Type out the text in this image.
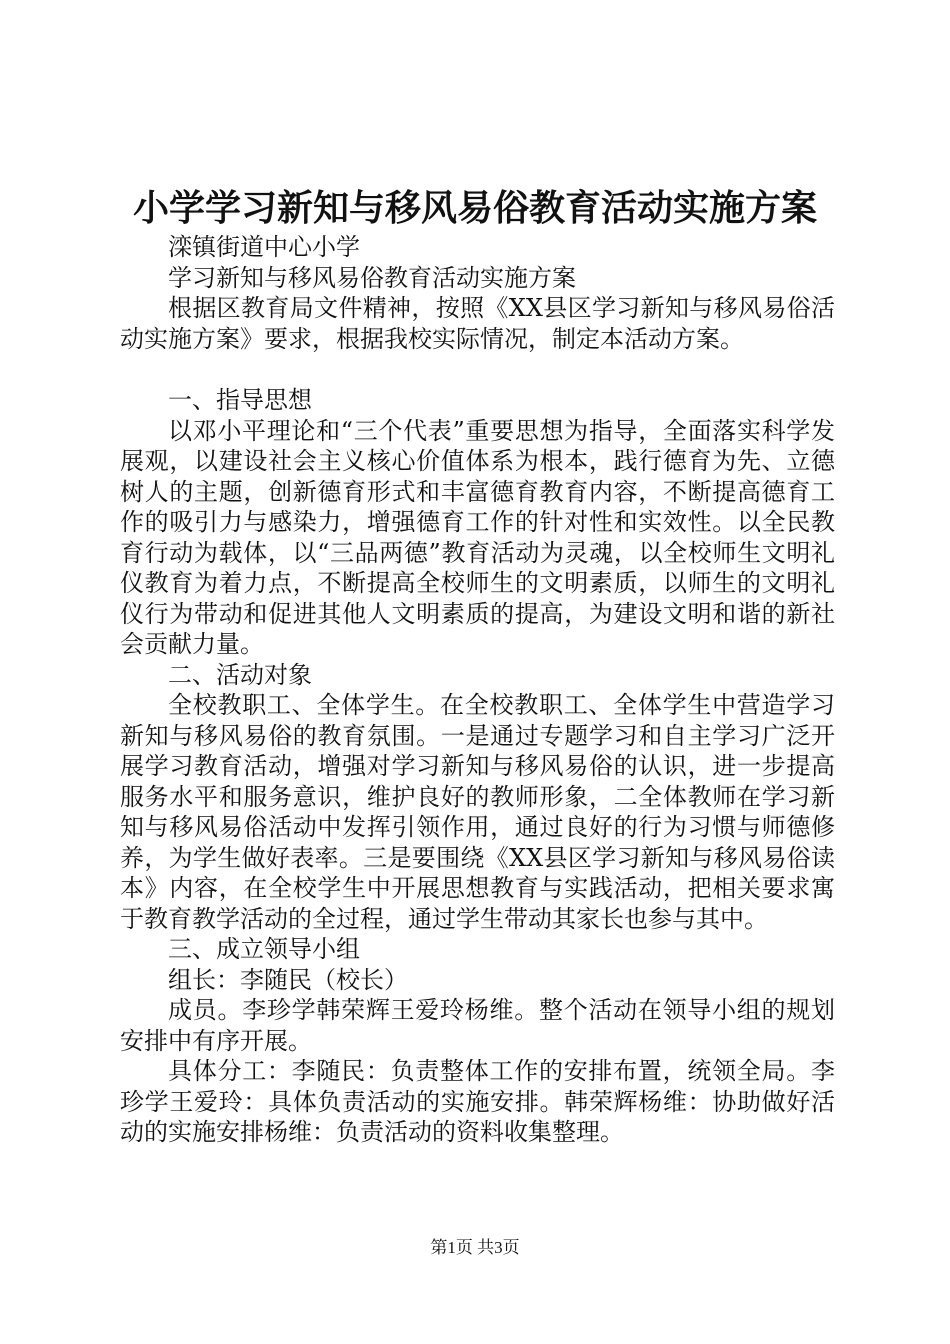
小学学习新知与移风易俗教育活动实施方案

滦镇街道中心小学

学习新知与移风易俗教育活动实施方案

根据区教育局文件精神，按照《XX县区学习新知与移风易俗活动实施方案》要求，根据我校实际情况，制定本活动方案。

一、指导思想

以邓小平理论和“三个代表”重要思想为指导，全面落实科学发展观，以建设社会主义核心价值体系为根本，践行德育为先、立德树人的主题，创新德育形式和丰富德育教育内容，不断提高德育工作的吸引力与感染力，增强德育工作的针对性和实效性。以全民教育行动为载体，以“三品两德”教育活动为灵魂，以全校师生文明礼仪教育为着力点，不断提高全校师生的文明素质，以师生的文明礼仪行为带动和促进其他人文明素质的提高，为建设文明和谐的新社会贡献力量。

二、活动对象

全校教职工、全体学生。在全校教职工、全体学生中营造学习新知与移风易俗的教育氛围。一是通过专题学习和自主学习广泛开展学习教育活动，增强对学习新知与移风易俗的认识，进一步提高服务水平和服务意识，维护良好的教师形象，二全体教师在学习新知与移风易俗活动中发挥引领作用，通过良好的行为习惯与师德修养，为学生做好表率。三是要围绕《XX县区学习新知与移风易俗读本》内容，在全校学生中开展思想教育与实践活动，把相关要求寓于教育教学活动的全过程，通过学生带动其家长也参与其中。

三、成立领导小组

组长：李随民（校长）

成员。李珍学韩荣辉王爱玲杨维。整个活动在领导小组的规划安排中有序开展。

具体分工：李随民：负责整体工作的安排布置，统领全局。李珍学王爱玲：具体负责活动的实施安排。韩荣辉杨维：协助做好活动的实施安排杨维：负责活动的资料收集整理。

第1页 共3页
